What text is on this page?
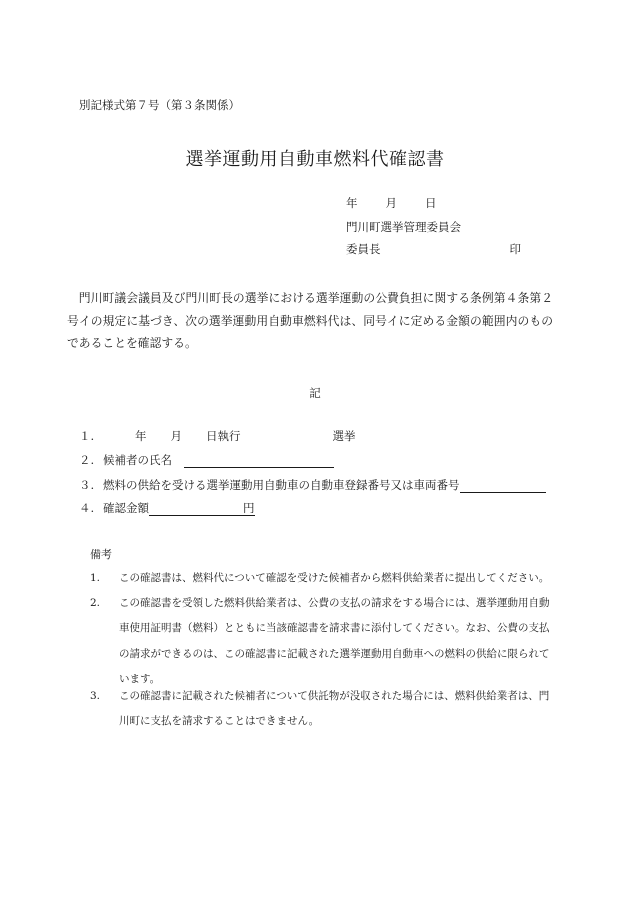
別記様式第７号（第３条関係）
選挙運動用自動車燃料代確認書
年 月 日
門川町選挙管理委員会
委員長	印
門川町議会議員及び門川町長の選挙における選挙運動の公費負担に関する条例第４条第２号イの規定に基づき、次の選挙運動用自動車燃料代は、同号イに定める金額の範囲内のものであることを確認する。
記
１.	年 月 日執行	選挙
２. 候補者の氏名
３. 燃料の供給を受ける選挙運動用自動車の自動車登録番号又は車両番号
４. 確認金額	円
備考
1. この確認書は、燃料代について確認を受けた候補者から燃料供給業者に提出してください。
2. この確認書を受領した燃料供給業者は、公費の支払の請求をする場合には、選挙運動用自動車使用証明書（燃料）とともに当該確認書を請求書に添付してください。なお、公費の支払の請求ができるのは、この確認書に記載された選挙運動用自動車への燃料の供給に限られています。
3. この確認書に記載された候補者について供託物が没収された場合には、燃料供給業者は、門川町に支払を請求することはできません。
